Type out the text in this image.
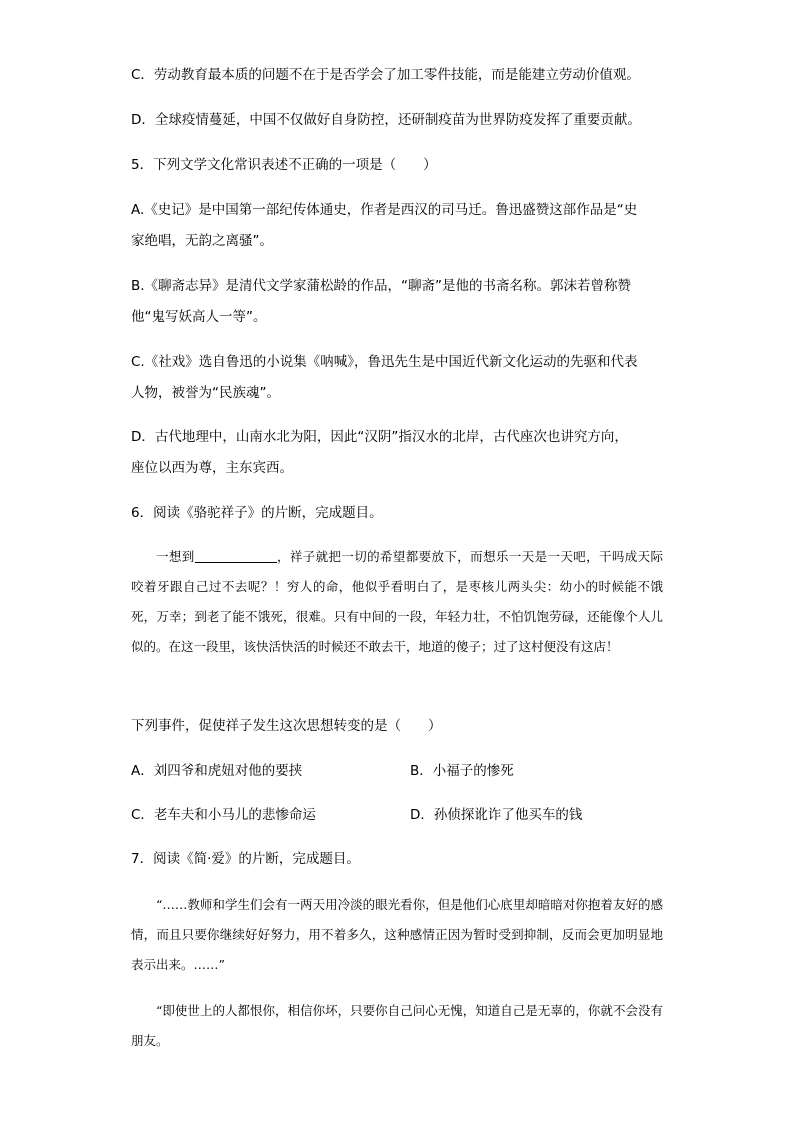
C．劳动教育最本质的问题不在于是否学会了加工零件技能，而是能建立劳动价值观。
D．全球疫情蔓延，中国不仅做好自身防控，还研制疫苗为世界防疫发挥了重要贡献。
5．下列文学文化常识表述不正确的一项是（　　）
A.《史记》是中国第一部纪传体通史，作者是西汉的司马迁。鲁迅盛赞这部作品是“史
家绝唱，无韵之离骚”。
B.《聊斋志异》是清代文学家蒲松龄的作品，“聊斋”是他的书斋名称。郭沫若曾称赞
他“鬼写妖高人一等”。
C.《社戏》选自鲁迅的小说集《呐喊》，鲁迅先生是中国近代新文化运动的先驱和代表
人物，被誉为“民族魂”。
D．古代地理中，山南水北为阳，因此“汉阴”指汉水的北岸，古代座次也讲究方向，
座位以西为尊，主东宾西。
6．阅读《骆驼祥子》的片断，完成题目。
一想到	，祥子就把一切的希望都要放下，而想乐一天是一天吧，干吗成天际咬着牙跟自己过不去呢？！穷人的命，他似乎看明白了，是枣核儿两头尖：幼小的时候能不饿死，万幸；到老了能不饿死，很难。只有中间的一段，年轻力壮，不怕饥饱劳碌，还能像个人儿似的。在这一段里，该快活快活的时候还不敢去干，地道的傻子；过了这村便没有这店！
下列事件，促使祥子发生这次思想转变的是（　　）
A．刘四爷和虎妞对他的要挟	B．小福子的惨死
C．老车夫和小马儿的悲惨命运	D．孙侦探讹诈了他买车的钱
7．阅读《简·爱》的片断，完成题目。
“……教师和学生们会有一两天用冷淡的眼光看你，但是他们心底里却暗暗对你抱着友好的感情，而且只要你继续好好努力，用不着多久，这种感情正因为暂时受到抑制，反而会更加明显地表示出来。……”
“即使世上的人都恨你，相信你坏，只要你自己问心无愧，知道自己是无辜的，你就不会没有朋友。
